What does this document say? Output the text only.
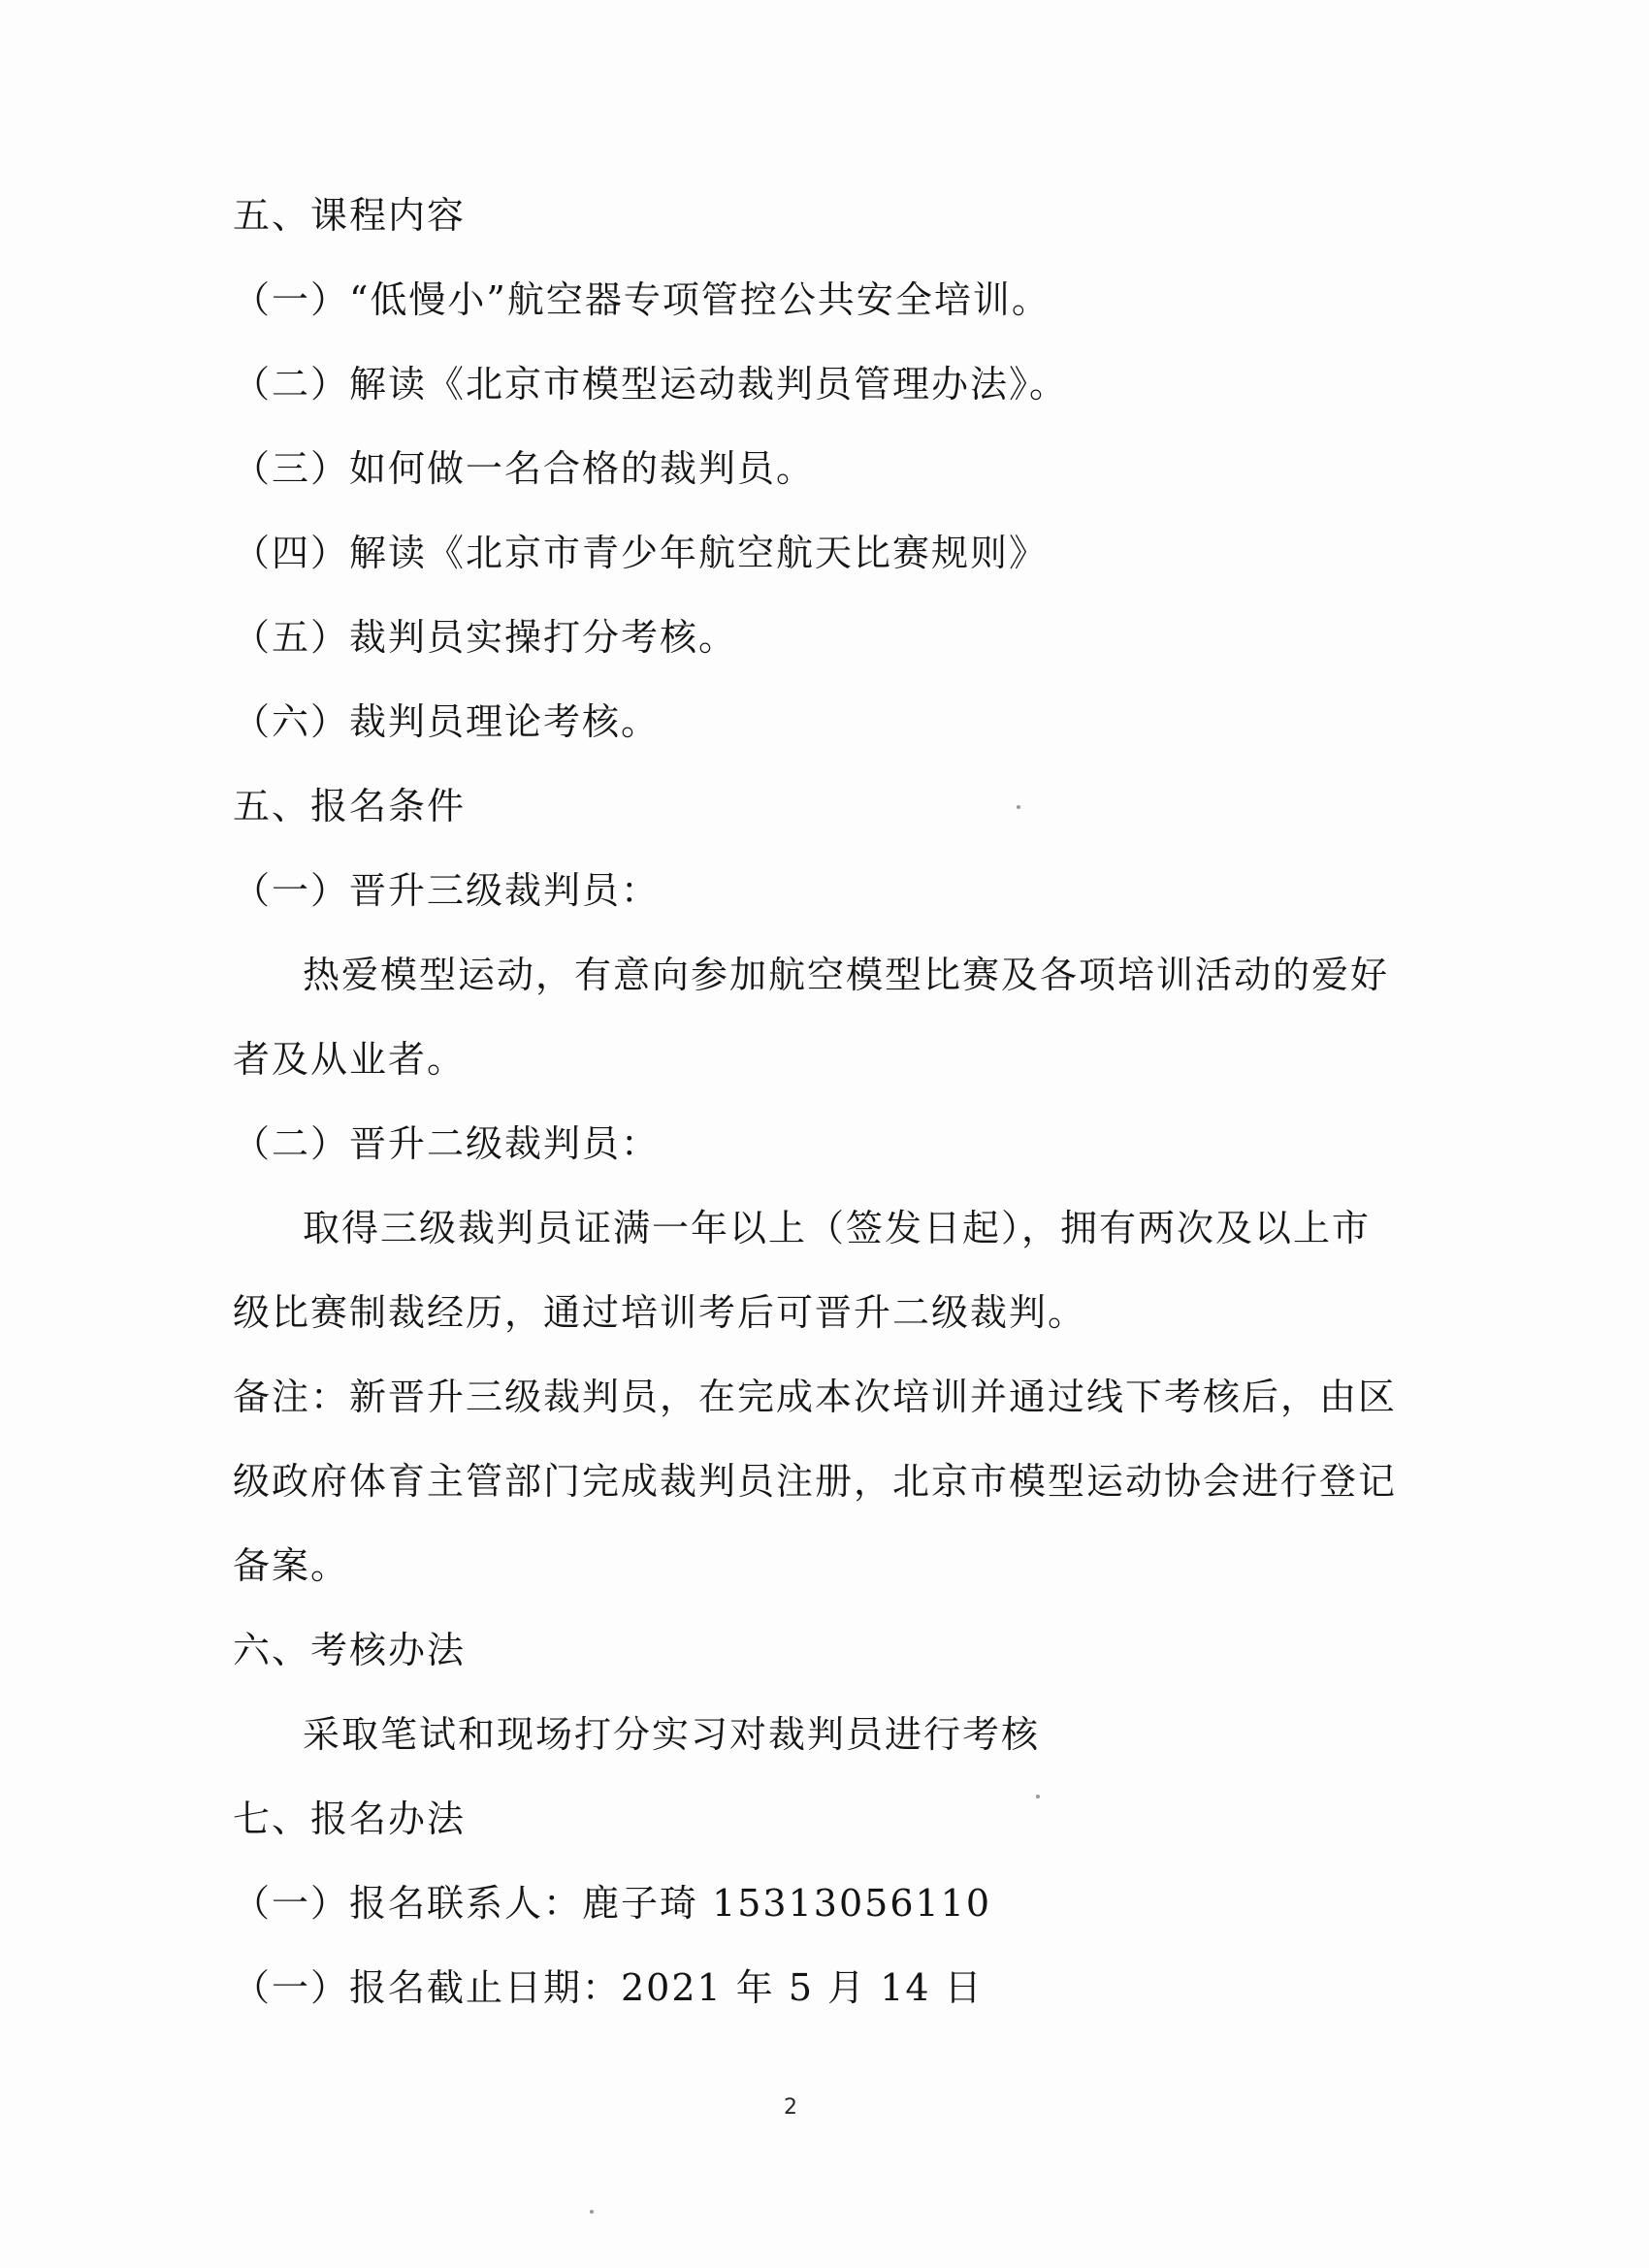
五、课程内容
（一）“低慢小”航空器专项管控公共安全培训。
（二）解读《北京市模型运动裁判员管理办法》。
（三）如何做一名合格的裁判员。
（四）解读《北京市青少年航空航天比赛规则》
（五）裁判员实操打分考核。
（六）裁判员理论考核。
五、报名条件
（一）晋升三级裁判员：
热爱模型运动，有意向参加航空模型比赛及各项培训活动的爱好
者及从业者。
（二）晋升二级裁判员：
取得三级裁判员证满一年以上（签发日起），拥有两次及以上市
级比赛制裁经历，通过培训考后可晋升二级裁判。
备注：新晋升三级裁判员，在完成本次培训并通过线下考核后，由区
级政府体育主管部门完成裁判员注册，北京市模型运动协会进行登记
备案。
六、考核办法
采取笔试和现场打分实习对裁判员进行考核
七、报名办法
（一）报名联系人：鹿子琦 15313056110
（一）报名截止日期：2021 年 5 月 14 日
2
